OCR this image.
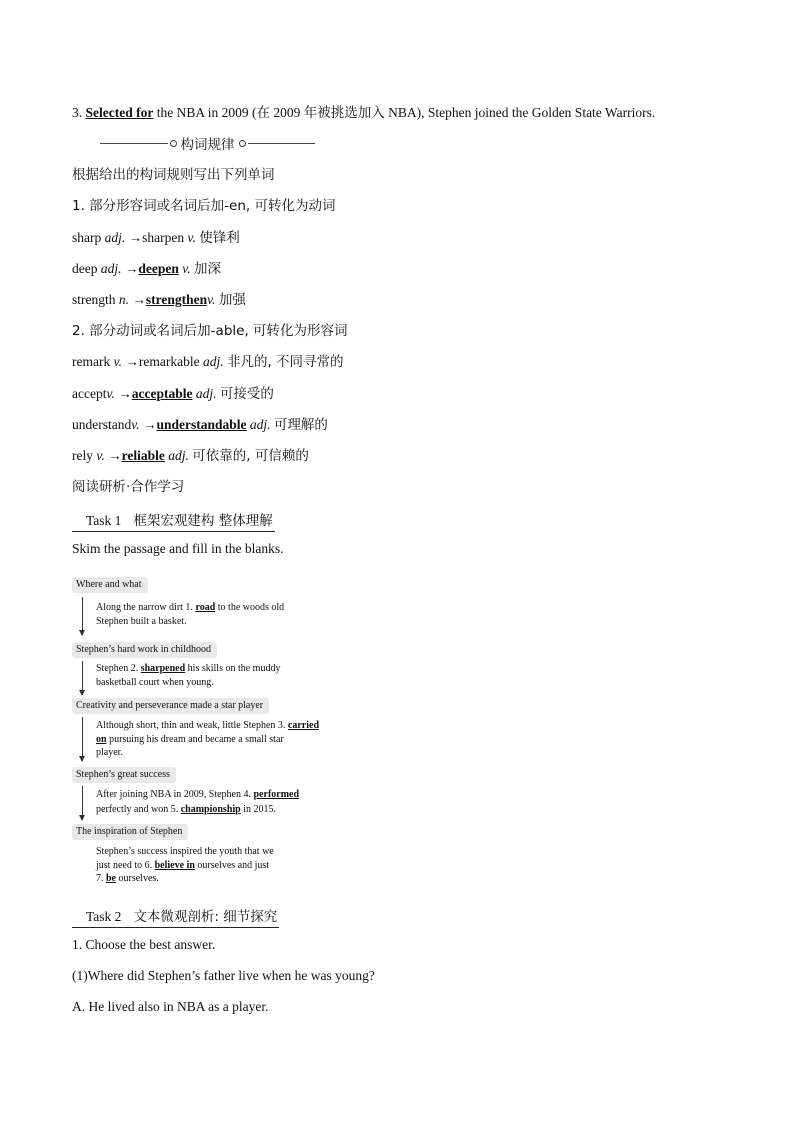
3. Selected for the NBA in 2009 (在 2009 年被挑选加入 NBA), Stephen joined the Golden State Warriors.
构词规律
根据给出的构词规则写出下列单词
1. 部分形容词或名词后加-en, 可转化为动词
sharp adj. →sharpen v. 使锋利
deep adj. →deepen v. 加深
strength n. →strengthenv. 加强
2. 部分动词或名词后加-able, 可转化为形容词
remark v. →remarkable adj. 非凡的, 不同寻常的
acceptv. →acceptable adj. 可接受的
understandv. →understandable adj. 可理解的
rely v. →reliable adj. 可依靠的, 可信赖的
阅读研析·合作学习
Task 1 框架宏观建构 整体理解
Skim the passage and fill in the blanks.
Where and what
Along the narrow dirt 1. road to the woods old
Stephen built a basket.
Stephen’s hard work in childhood
Stephen 2. sharpened his skills on the muddy
basketball court when young.
Creativity and perseverance made a star player
Although short, thin and weak, little Stephen 3. carried
on pursuing his dream and became a small star
player.
Stephen’s great success
After joining NBA in 2009, Stephen 4. performed
perfectly and won 5. championship in 2015.
The inspiration of Stephen
Stephen’s success inspired the youth that we
just need to 6. believe in ourselves and just
7. be ourselves.
Task 2 文本微观剖析: 细节探究
1. Choose the best answer.
(1)Where did Stephen’s father live when he was young?
A. He lived also in NBA as a player.
